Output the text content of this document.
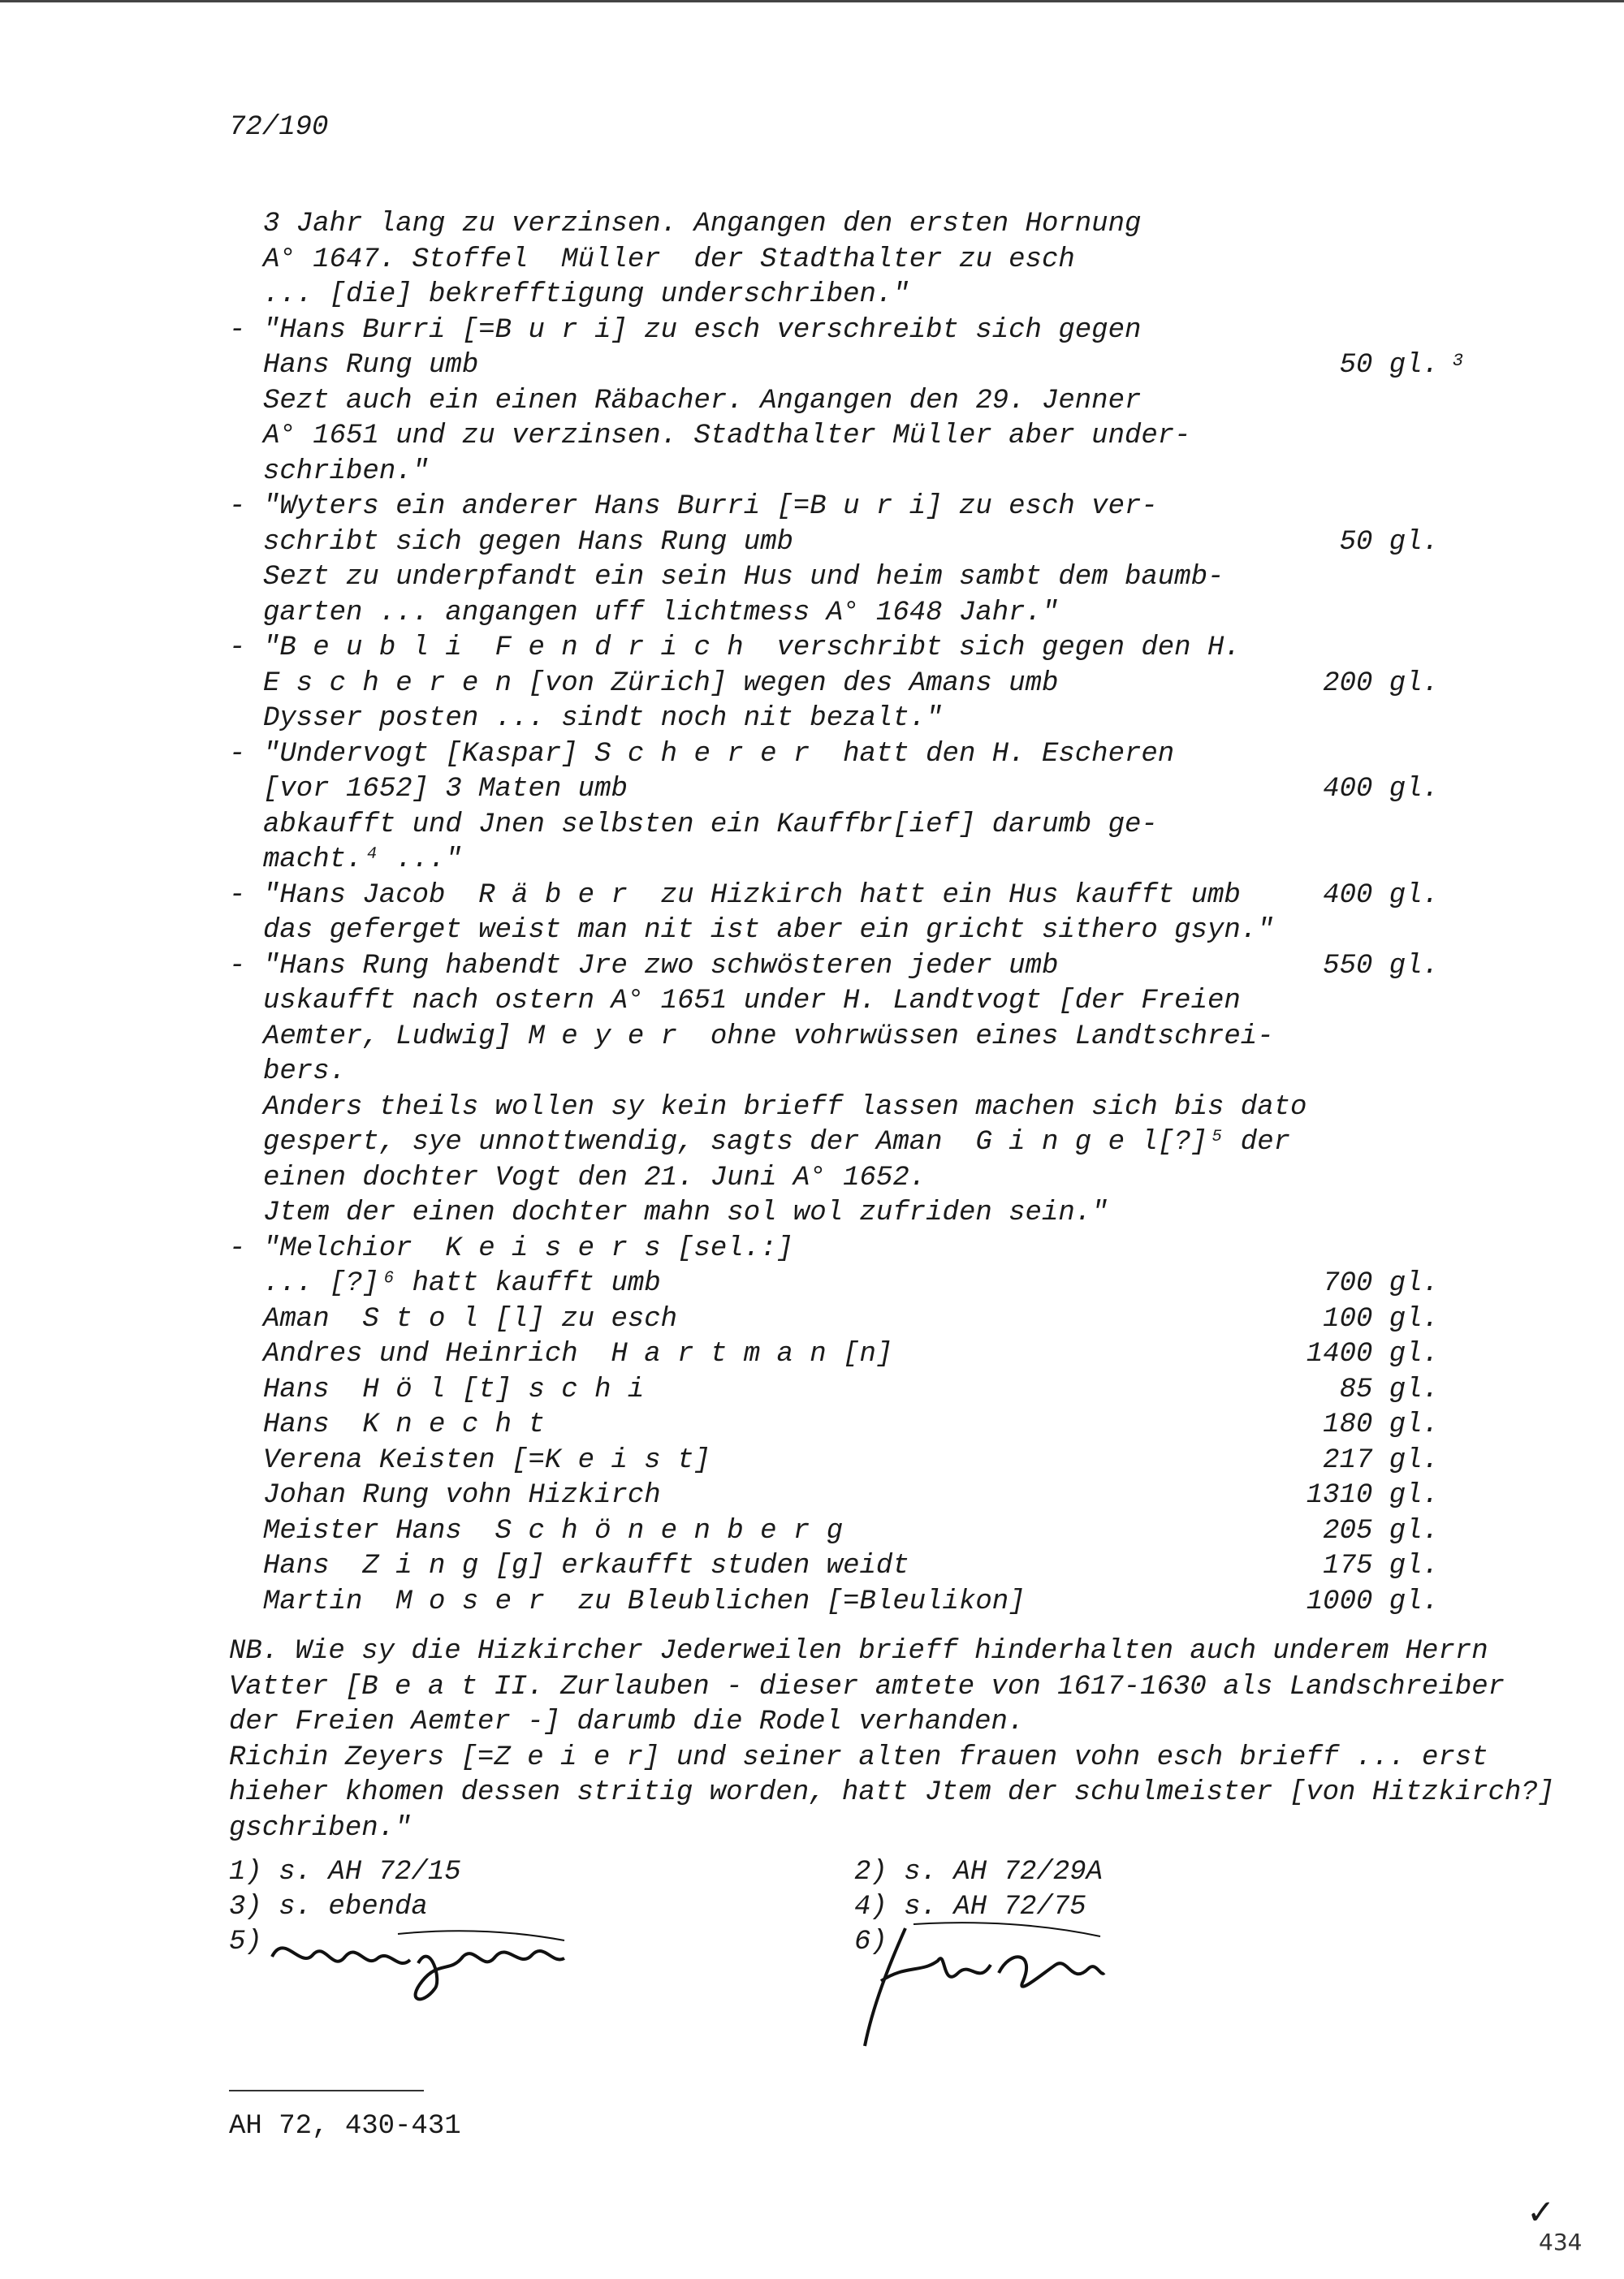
72/190
3 Jahr lang zu verzinsen. Angangen den ersten Hornung
A° 1647. Stoffel  Müller  der Stadthalter zu esch
... [die] bekrefftigung underschriben."
- "Hans Burri [=B u r i] zu esch verschreibt sich gegen
Hans Rung umb	50 gl. 3
Sezt auch ein einen Räbacher. Angangen den 29. Jenner
A° 1651 und zu verzinsen. Stadthalter Müller aber under-
schriben."
- "Wyters ein anderer Hans Burri [=B u r i] zu esch ver-
schribt sich gegen Hans Rung umb	50 gl.
Sezt zu underpfandt ein sein Hus und heim sambt dem baumb-
garten ... angangen uff lichtmess A° 1648 Jahr."
- "B e u b l i  F e n d r i c h  verschribt sich gegen den H.
E s c h e r e n [von Zürich] wegen des Amans umb	200 gl.
Dysser posten ... sindt noch nit bezalt."
- "Undervogt [Kaspar] S c h e r e r  hatt den H. Escheren
[vor 1652] 3 Maten umb	400 gl.
abkaufft und Jnen selbsten ein Kauffbr[ief] darumb ge-
macht.⁴ ..."
- "Hans Jacob  R ä b e r  zu Hizkirch hatt ein Hus kaufft umb	400 gl.
das geferget weist man nit ist aber ein gricht sithero gsyn."
- "Hans Rung habendt Jre zwo schwösteren jeder umb	550 gl.
uskaufft nach ostern A° 1651 under H. Landtvogt [der Freien
Aemter, Ludwig] M e y e r  ohne vohrwüssen eines Landtschrei-
bers.
Anders theils wollen sy kein brieff lassen machen sich bis dato
gespert, sye unnottwendig, sagts der Aman  G i n g e l[?]⁵ der
einen dochter Vogt den 21. Juni A° 1652.
Jtem der einen dochter mahn sol wol zufriden sein."
- "Melchior  K e i s e r s [sel.:]
... [?]⁶ hatt kaufft umb	700 gl.
Aman  S t o l [l] zu esch	100 gl.
Andres und Heinrich  H a r t m a n [n]	1400 gl.
Hans  H ö l [t] s c h i	85 gl.
Hans  K n e c h t	180 gl.
Verena Keisten [=K e i s t]	217 gl.
Johan Rung vohn Hizkirch	1310 gl.
Meister Hans  S c h ö n e n b e r g	205 gl.
Hans  Z i n g [g] erkaufft studen weidt	175 gl.
Martin  M o s e r  zu Bleublichen [=Bleulikon]	1000 gl.
NB. Wie sy die Hizkircher Jederweilen brieff hinderhalten auch underem Herrn
Vatter [B e a t II. Zurlauben - dieser amtete von 1617-1630 als Landschreiber
der Freien Aemter -] darumb die Rodel verhanden.
Richin Zeyers [=Z e i e r] und seiner alten frauen vohn esch brieff ... erst
hieher khomen dessen stritig worden, hatt Jtem der schulmeister [von Hitzkirch?]
gschriben."
1) s. AH 72/15	2) s. AH 72/29A
3) s. ebenda	4) s. AH 72/75
5)	6)
AH 72, 430-431
✓
434
